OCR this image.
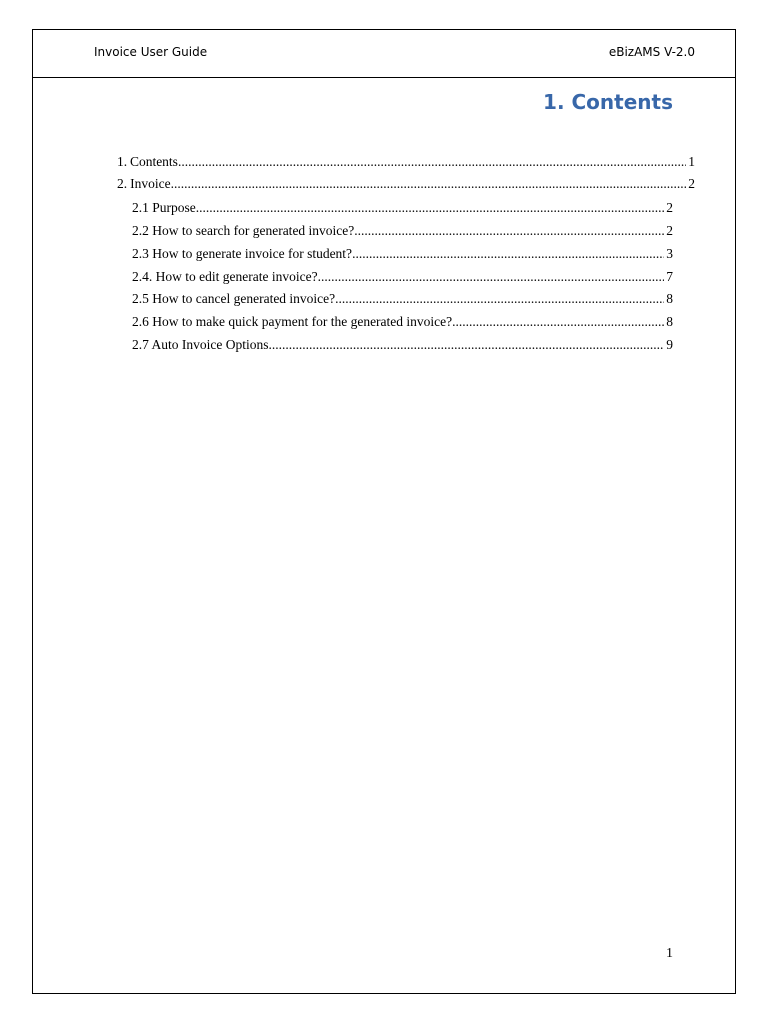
Invoice User Guide	eBizAMS V-2.0
1. Contents
1. Contents .....	1
2. Invoice .....	2
2.1 Purpose .....	2
2.2 How to search for generated invoice? .....	2
2.3 How to generate invoice for student? .....	3
2.4. How to edit generate invoice? .....	7
2.5 How to cancel generated invoice? .....	8
2.6 How to make quick payment for the generated invoice? .....	8
2.7 Auto Invoice Options .....	9
1
